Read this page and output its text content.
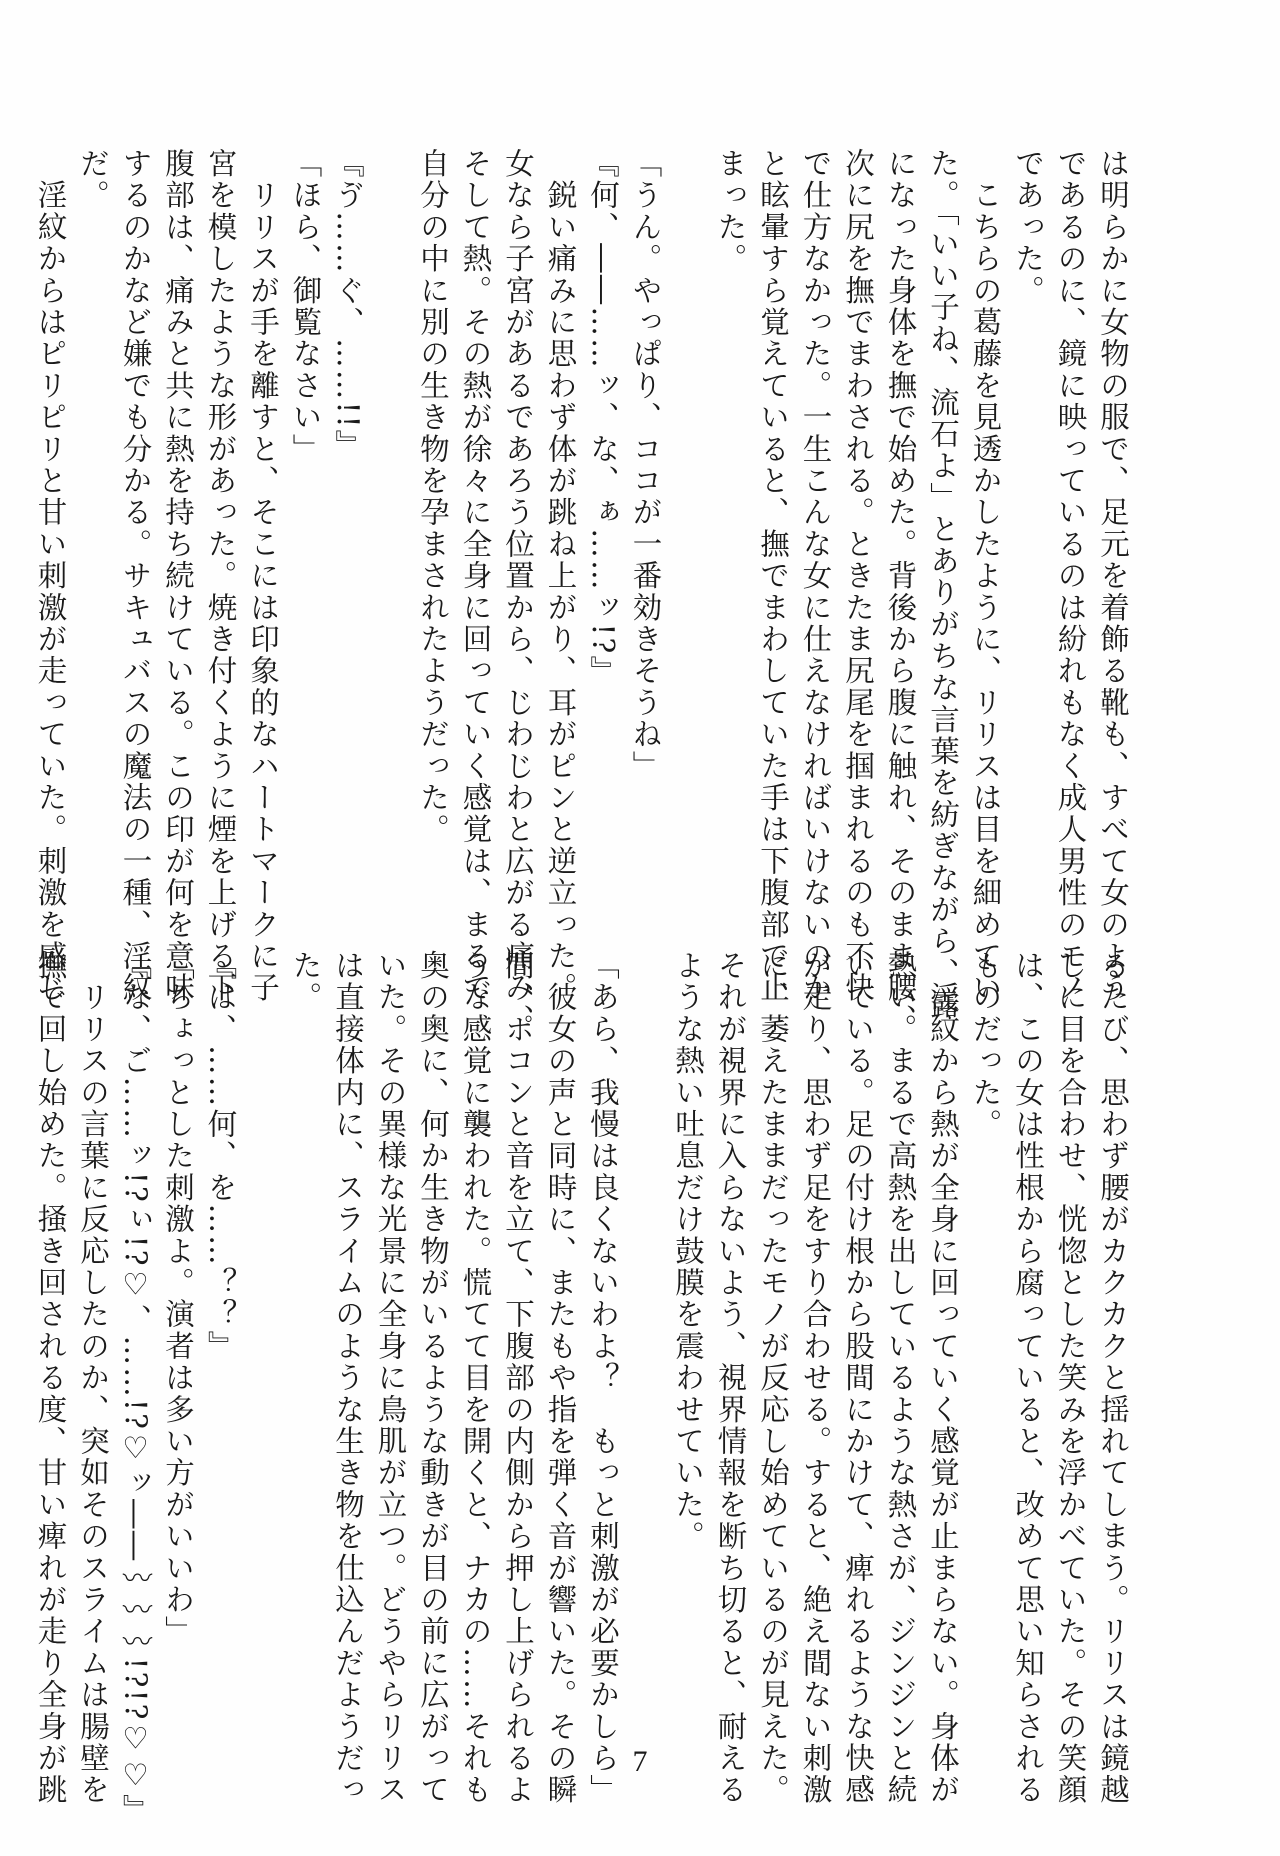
は明らかに女物の服で、足元を着飾る靴も、すべて女のよう
であるのに、鏡に映っているのは紛れもなく成人男性のモノ
であった。
　こちらの葛藤を見透かしたように、リリスは目を細めてい
た。「いい子ね、流石よ」とありがちな言葉を紡ぎながら、露
になった身体を撫で始めた。背後から腹に触れ、そのまま腰、
次に尻を撫でまわされる。ときたま尻尾を掴まれるのも不快
で仕方なかった。一生こんな女に仕えなければいけないのか
と眩暈すら覚えていると、撫でまわしていた手は下腹部で止
まった。

「うん。やっぱり、ココが一番効きそうね」
『何、――……ッ、な、ぁ……ッ!?』
　鋭い痛みに思わず体が跳ね上がり、耳がピンと逆立った。
女なら子宮があるであろう位置から、じわじわと広がる痛み、
そして熱。その熱が徐々に全身に回っていく感覚は、まるで
自分の中に別の生き物を孕まされたようだった。

『ゔ……ぐ、……!!』
「ほら、御覧なさい」
　リリスが手を離すと、そこには印象的なハートマークに子
宮を模したような形があった。焼き付くように煙を上げる下
腹部は、痛みと共に熱を持ち続けている。この印が何を意味
するのかなど嫌でも分かる。サキュバスの魔法の一種、淫紋
だ。
　淫紋からはピリピリと甘い刺激が走っていた。刺激を感じ
るたび、思わず腰がカクカクと揺れてしまう。リリスは鏡越
しに目を合わせ、恍惚とした笑みを浮かべていた。その笑顔
は、この女は性根から腐っていると、改めて思い知らされる
ものだった。
　淫紋から熱が全身に回っていく感覚が止まらない。身体が
熱い。まるで高熱を出しているような熱さが、ジンジンと続
いている。足の付け根から股間にかけて、痺れるような快感
が走り、思わず足をすり合わせる。すると、絶え間ない刺激
に、萎えたままだったモノが反応し始めているのが見えた。
それが視界に入らないよう、視界情報を断ち切ると、耐える
ような熱い吐息だけ鼓膜を震わせていた。

「あら、我慢は良くないわよ？　もっと刺激が必要かしら」
　彼女の声と同時に、またもや指を弾く音が響いた。その瞬
間、ポコンと音を立て、下腹部の内側から押し上げられるよ
うな感覚に襲われた。慌てて目を開くと、ナカの……それも
奥の奥に、何か生き物がいるような動きが目の前に広がって
いた。その異様な光景に全身に鳥肌が立つ。どうやらリリス
は直接体内に、スライムのような生き物を仕込んだようだっ
た。

『は、……何、を……？？』
「ちょっとした刺激よ。演者は多い方がいいわ」
『な、ご……ッ!?ぃ!?♡、……!?♡ッ――〰〰〰!?!?♡♡』
　リリスの言葉に反応したのか、突如そのスライムは腸壁を
撫で回し始めた。掻き回される度、甘い痺れが走り全身が跳	7
